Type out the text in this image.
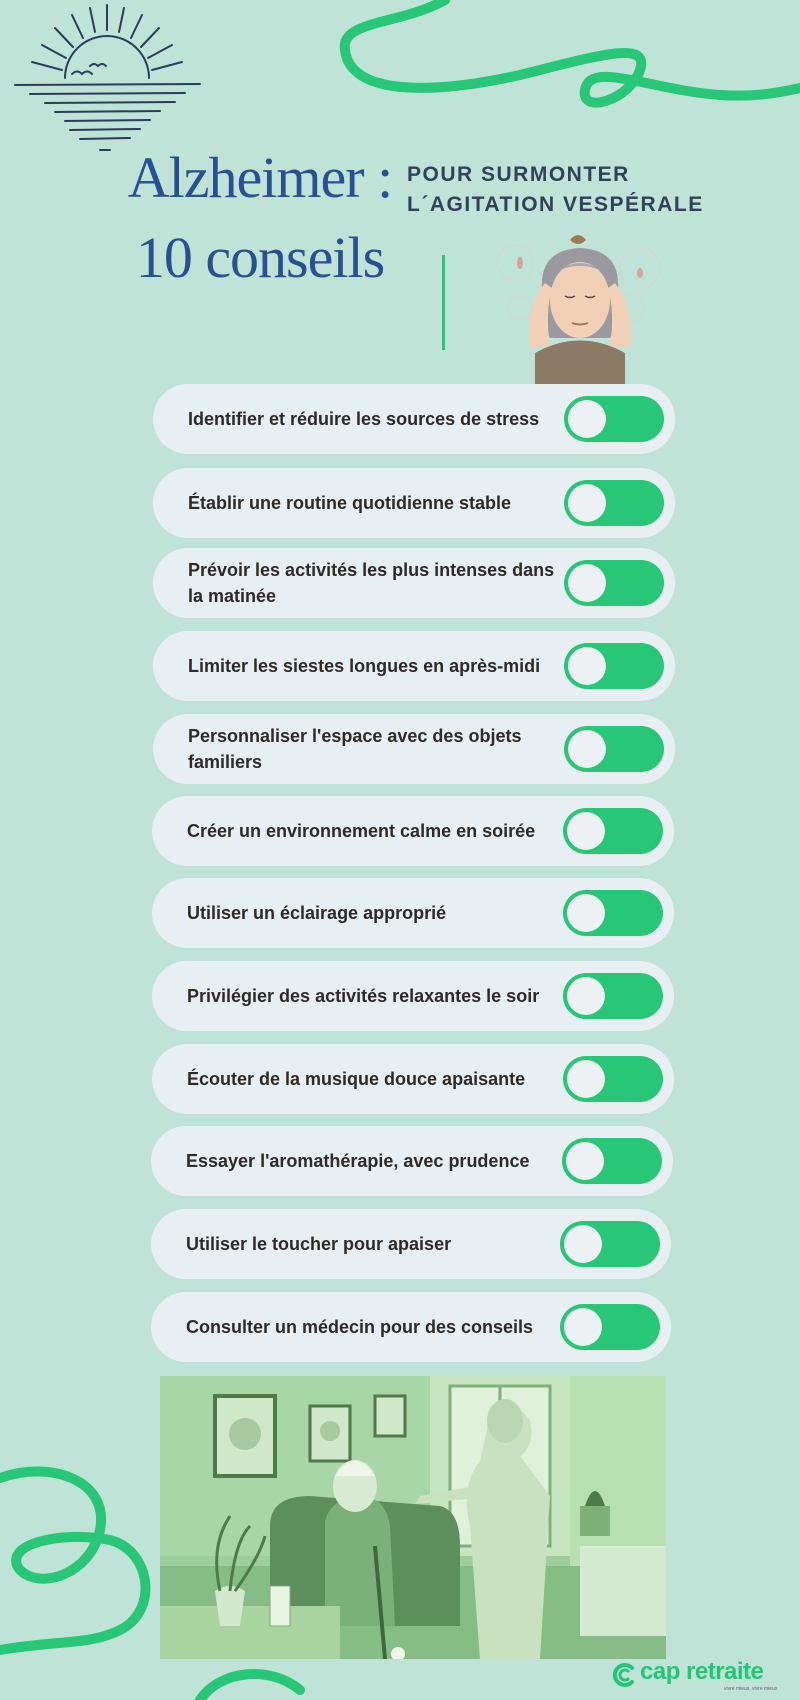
Alzheimer :
10 conseils
POUR SURMONTER
L´AGITATION VESPÉRALE
Identifier et réduire les sources de stress
Établir une routine quotidienne stable
Prévoir les activités les plus intenses dans la matinée
Limiter les siestes longues en après-midi
Personnaliser l'espace avec des objets familiers
Créer un environnement calme en soirée
Utiliser un éclairage approprié
Privilégier des activités relaxantes le soir
Écouter de la musique douce apaisante
Essayer l'aromathérapie, avec prudence
Utiliser le toucher pour apaiser
Consulter un médecin pour des conseils
cap retraite
vivre mieux, vivre mieux
